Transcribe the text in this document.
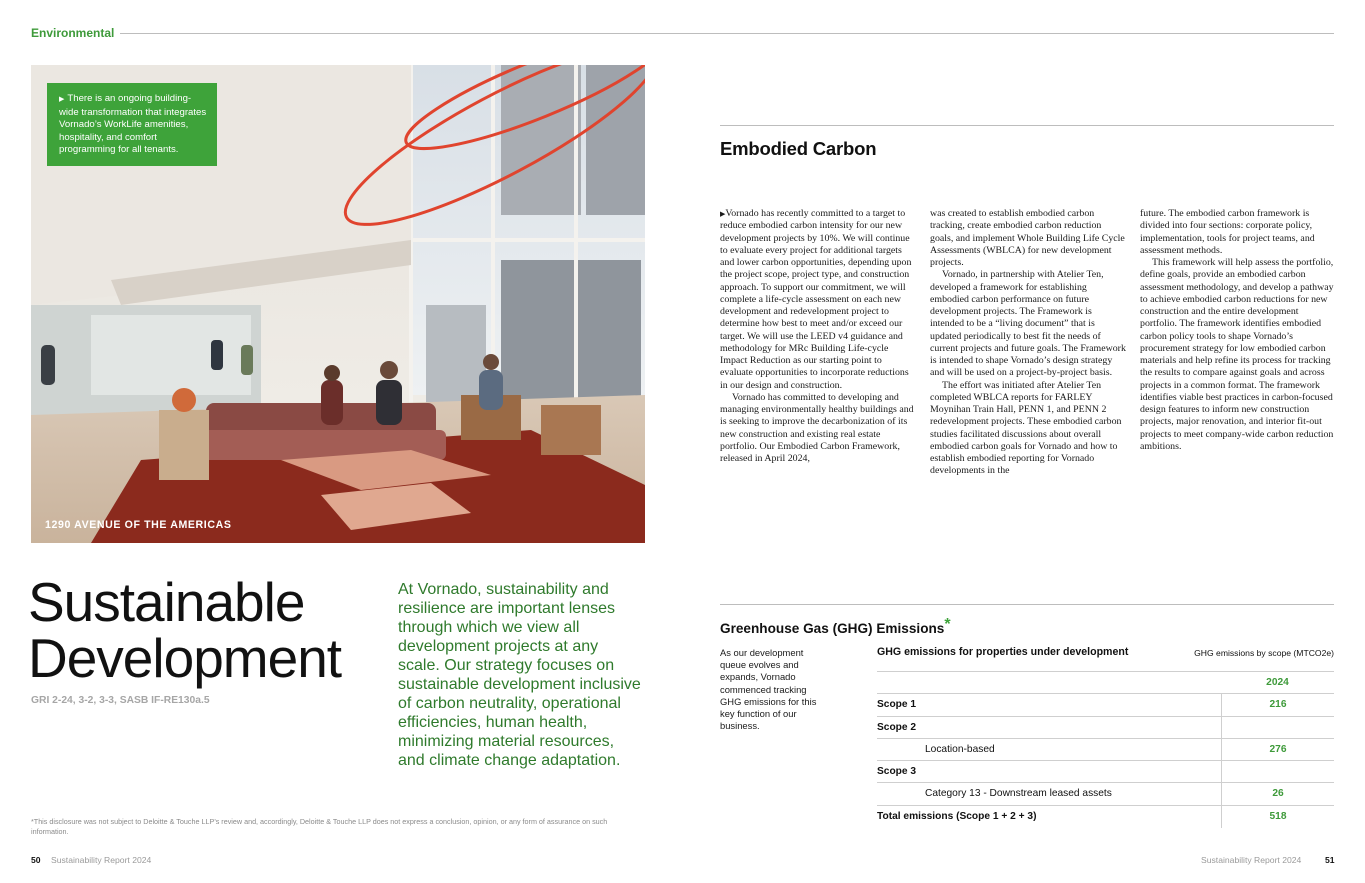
Environmental
▶ There is an ongoing building-wide transformation that integrates Vornado’s WorkLife amenities, hospitality, and comfort programming for all tenants.
1290 AVENUE OF THE AMERICAS
Embodied Carbon

▶Vornado has recently committed to a target to reduce embodied carbon intensity for our new development projects by 10%. We will continue to evaluate every project for additional targets and lower carbon opportunities, depending upon the project scope, project type, and construction approach. To support our commitment, we will complete a life-cycle assessment on each new development and redevelopment project to determine how best to meet and/or exceed our target. We will use the LEED v4 guidance and methodology for MRc Building Life-cycle Impact Reduction as our starting point to evaluate opportunities to incorporate reductions in our design and construction.

Vornado has committed to developing and managing environmentally healthy buildings and is seeking to improve the decarbonization of its new construction and existing real estate portfolio. Our Embodied Carbon Framework, released in April 2024,

was created to establish embodied carbon tracking, create embodied carbon reduction goals, and implement Whole Building Life Cycle Assessments (WBLCA) for new development projects.

Vornado, in partnership with Atelier Ten, developed a framework for establishing embodied carbon performance on future development projects. The Framework is intended to be a “living document” that is updated periodically to best fit the needs of current projects and future goals. The Framework is intended to shape Vornado’s design strategy and will be used on a project-by-project basis.

The effort was initiated after Atelier Ten completed WBLCA reports for FARLEY Moynihan Train Hall, PENN 1, and PENN 2 redevelopment projects. These embodied carbon studies facilitated discussions about overall embodied carbon goals for Vornado and how to establish embodied reporting for Vornado developments in the

future. The embodied carbon framework is divided into four sections: corporate policy, implementation, tools for project teams, and assessment methods.

This framework will help assess the portfolio, define goals, provide an embodied carbon assessment methodology, and develop a pathway to achieve embodied carbon reductions for new construction and the entire development portfolio. The framework identifies embodied carbon policy tools to shape Vornado’s procurement strategy for low embodied carbon materials and help refine its process for tracking the results to compare against goals and across projects in a common format. The framework identifies viable best practices in carbon-focused design features to inform new construction projects, major renovation, and interior fit-out projects to meet company-wide carbon reduction ambitions.

Sustainable
Development
GRI 2-24, 3-2, 3-3, SASB IF-RE130a.5
At Vornado, sustainability and resilience are important lenses through which we view all development projects at any scale. Our strategy focuses on sustainable development inclusive of carbon neutrality, operational efficiencies, human health, minimizing material resources, and climate change adaptation.
*This disclosure was not subject to Deloitte & Touche LLP’s review and, accordingly, Deloitte & Touche LLP does not express a conclusion, opinion, or any form of assurance on such information.
50 Sustainability Report 2024	Sustainability Report 2024	51
Greenhouse Gas (GHG) Emissions*
As our development queue evolves and expands, Vornado commenced tracking GHG emissions for this key function of our business.
GHG emissions for properties under development	GHG emissions by scope (MTCO2e)
2024
Scope 1	216
Scope 2
Location-based	276
Scope 3
Category 13 - Downstream leased assets	26
Total emissions (Scope 1 + 2 + 3)	518
